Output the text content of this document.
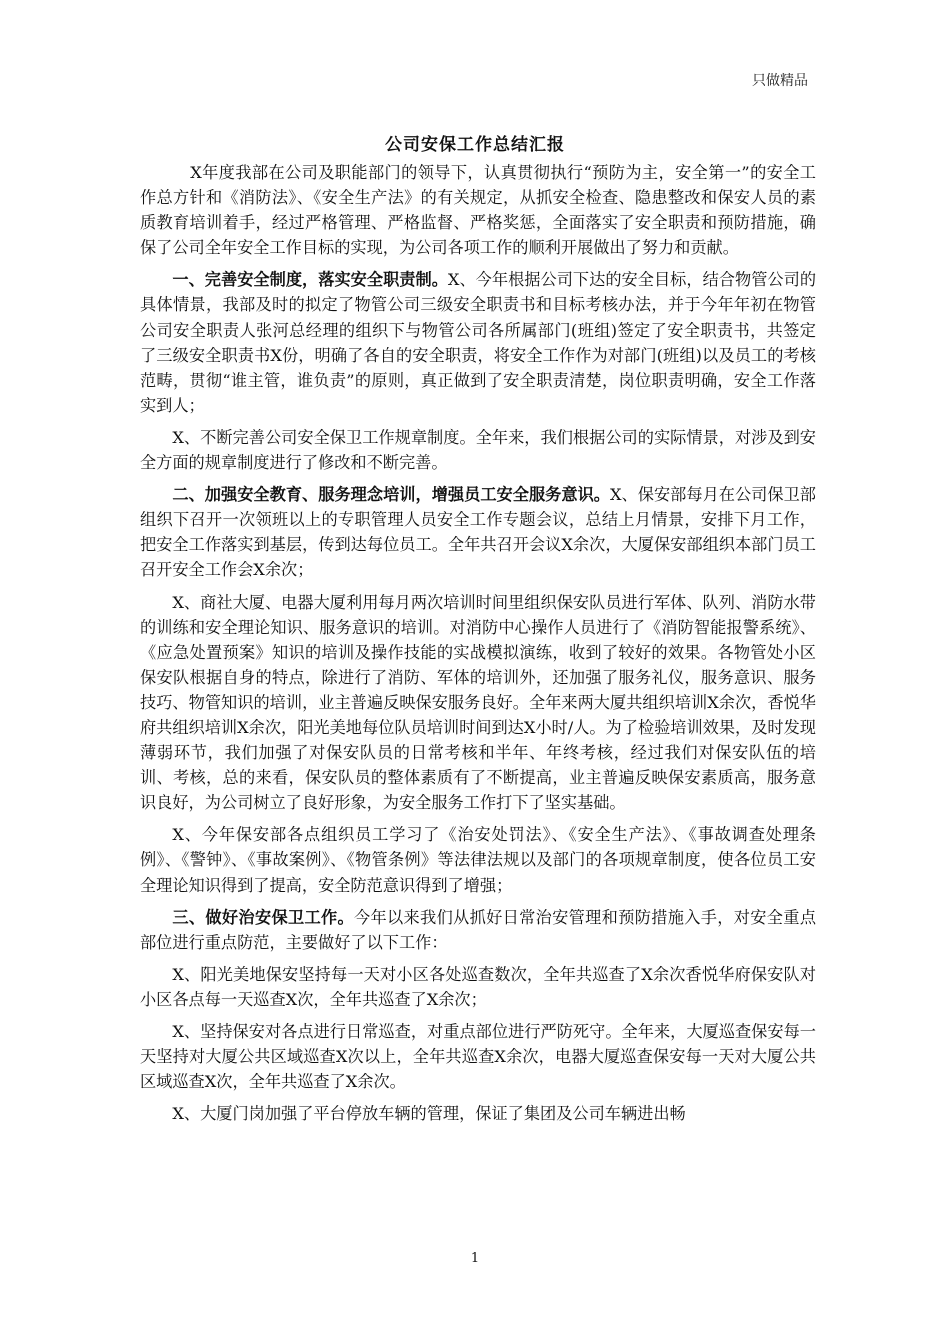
只做精品
公司安保工作总结汇报

X年度我部在公司及职能部门的领导下，认真贯彻执行“预防为主，安全第一”的安全工作总方针和《消防法》、《安全生产法》的有关规定，从抓安全检查、隐患整改和保安人员的素质教育培训着手，经过严格管理、严格监督、严格奖惩，全面落实了安全职责和预防措施，确保了公司全年安全工作目标的实现，为公司各项工作的顺利开展做出了努力和贡献。

一、完善安全制度，落实安全职责制。X、今年根据公司下达的安全目标，结合物管公司的具体情景，我部及时的拟定了物管公司三级安全职责书和目标考核办法，并于今年年初在物管公司安全职责人张河总经理的组织下与物管公司各所属部门(班组)签定了安全职责书，共签定了三级安全职责书X份，明确了各自的安全职责，将安全工作作为对部门(班组)以及员工的考核范畴，贯彻“谁主管，谁负责”的原则，真正做到了安全职责清楚，岗位职责明确，安全工作落实到人；

X、不断完善公司安全保卫工作规章制度。全年来，我们根据公司的实际情景，对涉及到安全方面的规章制度进行了修改和不断完善。

二、加强安全教育、服务理念培训，增强员工安全服务意识。X、保安部每月在公司保卫部组织下召开一次领班以上的专职管理人员安全工作专题会议，总结上月情景，安排下月工作，把安全工作落实到基层，传到达每位员工。全年共召开会议X余次，大厦保安部组织本部门员工召开安全工作会X余次；

X、商社大厦、电器大厦利用每月两次培训时间里组织保安队员进行军体、队列、消防水带的训练和安全理论知识、服务意识的培训。对消防中心操作人员进行了《消防智能报警系统》、《应急处置预案》知识的培训及操作技能的实战模拟演练，收到了较好的效果。各物管处小区保安队根据自身的特点，除进行了消防、军体的培训外，还加强了服务礼仪，服务意识、服务技巧、物管知识的培训，业主普遍反映保安服务良好。全年来两大厦共组织培训X余次，香悦华府共组织培训X余次，阳光美地每位队员培训时间到达X小时/人。为了检验培训效果，及时发现薄弱环节，我们加强了对保安队员的日常考核和半年、年终考核，经过我们对保安队伍的培训、考核，总的来看，保安队员的整体素质有了不断提高，业主普遍反映保安素质高，服务意识良好，为公司树立了良好形象，为安全服务工作打下了坚实基础。

X、今年保安部各点组织员工学习了《治安处罚法》、《安全生产法》、《事故调查处理条例》、《警钟》、《事故案例》、《物管条例》等法律法规以及部门的各项规章制度，使各位员工安全理论知识得到了提高，安全防范意识得到了增强；

三、做好治安保卫工作。今年以来我们从抓好日常治安管理和预防措施入手，对安全重点部位进行重点防范，主要做好了以下工作：

X、阳光美地保安坚持每一天对小区各处巡查数次，全年共巡查了X余次香悦华府保安队对小区各点每一天巡查X次，全年共巡查了X余次；

X、坚持保安对各点进行日常巡查，对重点部位进行严防死守。全年来，大厦巡查保安每一天坚持对大厦公共区域巡查X次以上，全年共巡查X余次，电器大厦巡查保安每一天对大厦公共区域巡查X次，全年共巡查了X余次。

X、大厦门岗加强了平台停放车辆的管理，保证了集团及公司车辆进出畅

1
